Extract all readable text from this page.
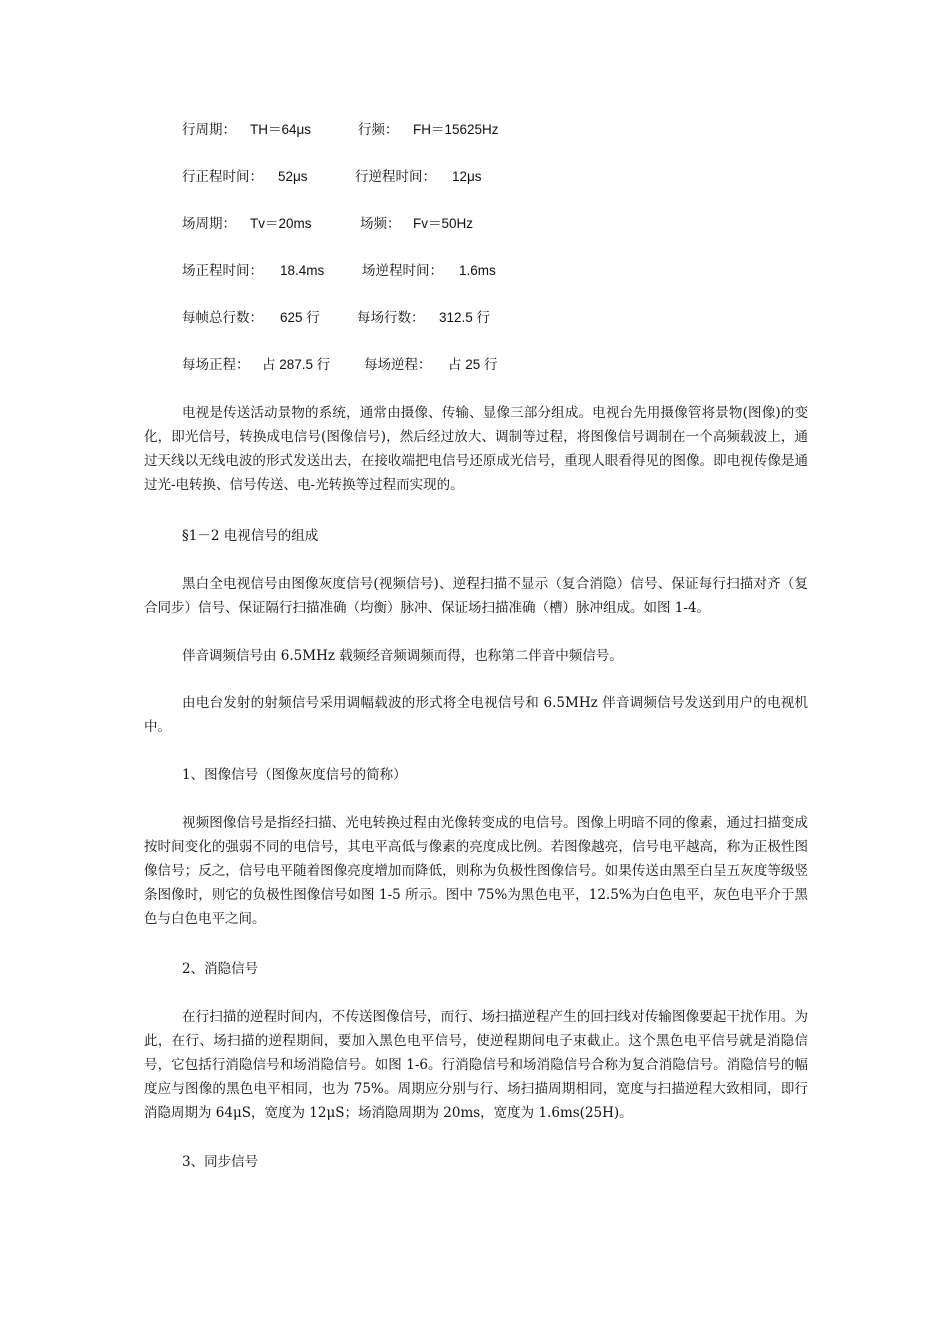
行周期： TH＝64μs	行频： FH＝15625Hz
行正程时间： 52μs	行逆程时间： 12μs
场周期： Tv＝20ms	场频： Fv＝50Hz
场正程时间： 18.4ms	场逆程时间： 1.6ms
每帧总行数： 625 行	每场行数： 312.5 行
每场正程： 占 287.5 行 每场逆程： 占 25 行

电视是传送活动景物的系统，通常由摄像、传输、显像三部分组成。电视台先用摄像管将景物(图像)的变化，即光信号，转换成电信号(图像信号)，然后经过放大、调制等过程，将图像信号调制在一个高频载波上，通过天线以无线电波的形式发送出去，在接收端把电信号还原成光信号，重现人眼看得见的图像。即电视传像是通过光-电转换、信号传送、电-光转换等过程而实现的。

§1－2 电视信号的组成

黑白全电视信号由图像灰度信号(视频信号)、逆程扫描不显示（复合消隐）信号、保证每行扫描对齐（复合同步）信号、保证隔行扫描准确（均衡）脉冲、保证场扫描准确（槽）脉冲组成。如图 1-4。

伴音调频信号由 6.5MHz 载频经音频调频而得，也称第二伴音中频信号。

由电台发射的射频信号采用调幅载波的形式将全电视信号和 6.5MHz 伴音调频信号发送到用户的电视机中。

1、图像信号（图像灰度信号的简称）

视频图像信号是指经扫描、光电转换过程由光像转变成的电信号。图像上明暗不同的像素，通过扫描变成按时间变化的强弱不同的电信号，其电平高低与像素的亮度成比例。若图像越亮，信号电平越高，称为正极性图像信号；反之，信号电平随着图像亮度增加而降低，则称为负极性图像信号。如果传送由黑至白呈五灰度等级竖条图像时，则它的负极性图像信号如图 1-5 所示。图中 75%为黑色电平，12.5%为白色电平，灰色电平介于黑色与白色电平之间。

2、消隐信号

在行扫描的逆程时间内，不传送图像信号，而行、场扫描逆程产生的回扫线对传输图像要起干扰作用。为此，在行、场扫描的逆程期间，要加入黑色电平信号，使逆程期间电子束截止。这个黑色电平信号就是消隐信号，它包括行消隐信号和场消隐信号。如图 1-6。行消隐信号和场消隐信号合称为复合消隐信号。消隐信号的幅度应与图像的黑色电平相同，也为 75%。周期应分别与行、场扫描周期相同，宽度与扫描逆程大致相同，即行消隐周期为 64μS，宽度为 12μS；场消隐周期为 20ms，宽度为 1.6ms(25H)。

3、同步信号
